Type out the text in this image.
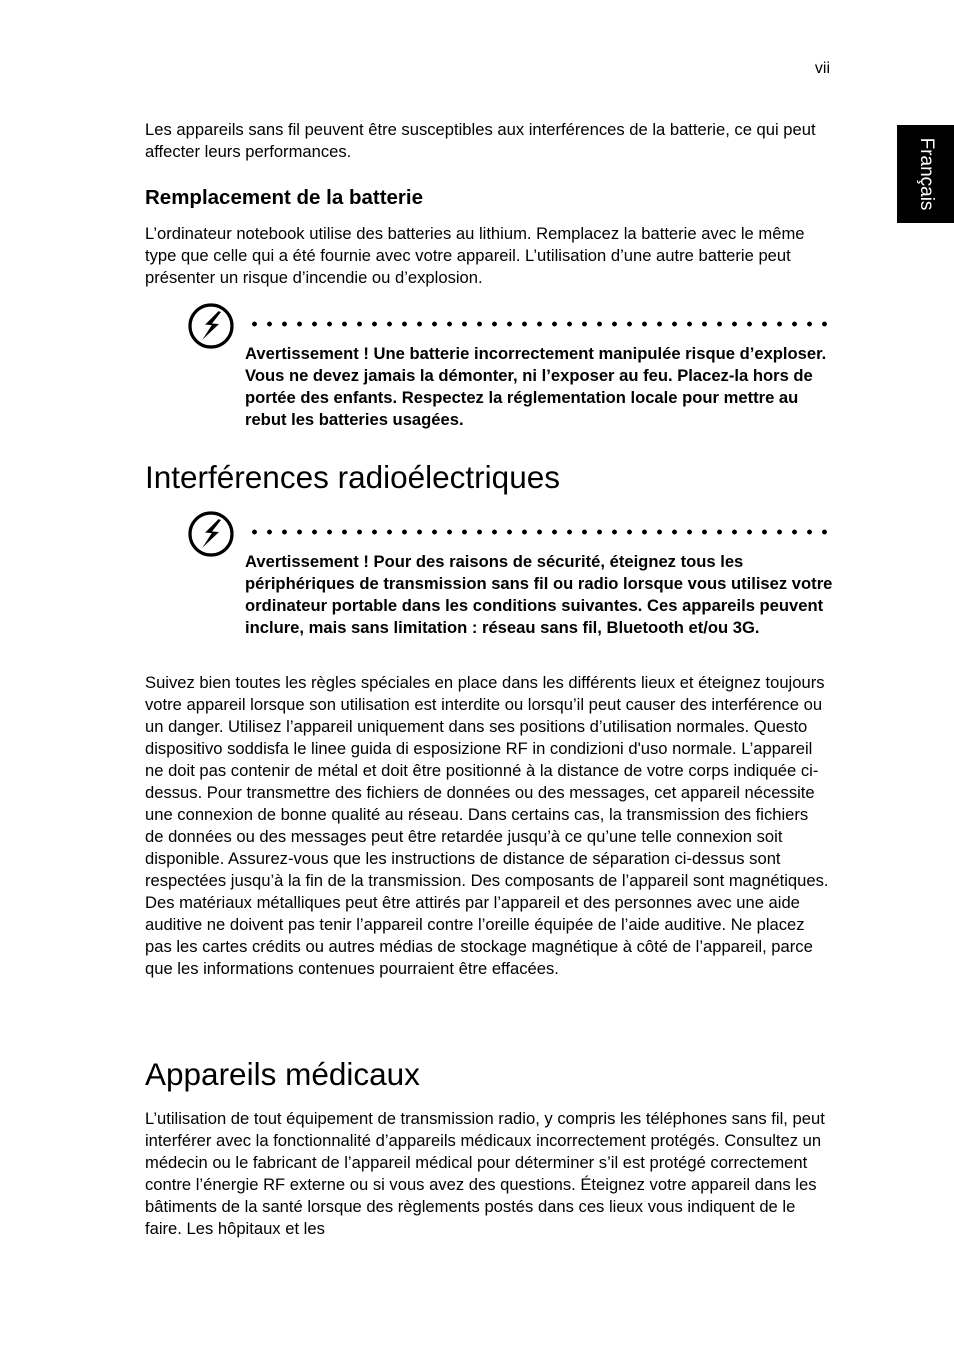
vii
Français

Les appareils sans fil peuvent être susceptibles aux interférences de la batterie, ce qui peut affecter leurs performances.

Remplacement de la batterie

L’ordinateur notebook utilise des batteries au lithium. Remplacez la batterie avec le même type que celle qui a été fournie avec votre appareil. L’utilisation d’une autre batterie peut présenter un risque d’incendie ou d’explosion.

Avertissement ! Une batterie incorrectement manipulée risque d’exploser. Vous ne devez jamais la démonter, ni l’exposer au feu. Placez-la hors de portée des enfants. Respectez la réglementation locale pour mettre au rebut les batteries usagées.

Interférences radioélectriques

Avertissement ! Pour des raisons de sécurité, éteignez tous les périphériques de transmission sans fil ou radio lorsque vous utilisez votre ordinateur portable dans les conditions suivantes. Ces appareils peuvent inclure, mais sans limitation : réseau sans fil, Bluetooth et/ou 3G.

Suivez bien toutes les règles spéciales en place dans les différents lieux et éteignez toujours votre appareil lorsque son utilisation est interdite ou lorsqu’il peut causer des interférence ou un danger. Utilisez l’appareil uniquement dans ses positions d’utilisation normales. Questo dispositivo soddisfa le linee guida di esposizione RF in condizioni d'uso normale. L’appareil ne doit pas contenir de métal et doit être positionné à la distance de votre corps indiquée ci-dessus. Pour transmettre des fichiers de données ou des messages, cet appareil nécessite une connexion de bonne qualité au réseau. Dans certains cas, la transmission des fichiers de données ou des messages peut être retardée jusqu’à ce qu’une telle connexion soit disponible. Assurez-vous que les instructions de distance de séparation ci-dessus sont respectées jusqu’à la fin de la transmission. Des composants de l’appareil sont magnétiques. Des matériaux métalliques peut être attirés par l’appareil et des personnes avec une aide auditive ne doivent pas tenir l’appareil contre l’oreille équipée de l’aide auditive. Ne placez pas les cartes crédits ou autres médias de stockage magnétique à côté de l’appareil, parce que les informations contenues pourraient être effacées.

Appareils médicaux

L’utilisation de tout équipement de transmission radio, y compris les téléphones sans fil, peut interférer avec la fonctionnalité d’appareils médicaux incorrectement protégés. Consultez un médecin ou le fabricant de l’appareil médical pour déterminer s’il est protégé correctement contre l’énergie RF externe ou si vous avez des questions. Éteignez votre appareil dans les bâtiments de la santé lorsque des règlements postés dans ces lieux vous indiquent de le faire. Les hôpitaux et les
